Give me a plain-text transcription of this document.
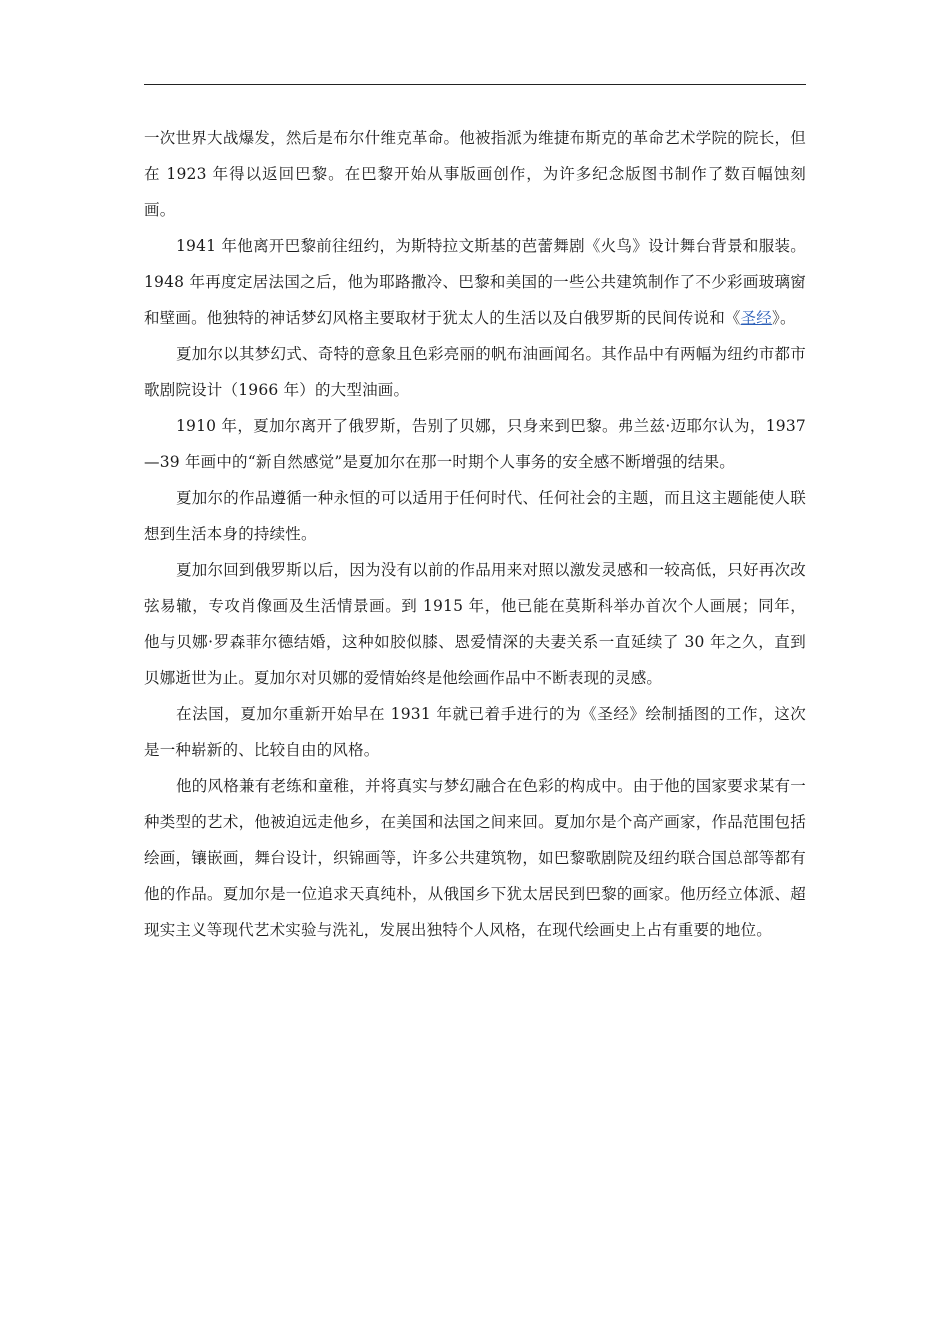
一次世界大战爆发，然后是布尔什维克革命。他被指派为维捷布斯克的革命艺术学院的院长，但在 1923 年得以返回巴黎。在巴黎开始从事版画创作，为许多纪念版图书制作了数百幅蚀刻画。

1941 年他离开巴黎前往纽约，为斯特拉文斯基的芭蕾舞剧《火鸟》设计舞台背景和服装。1948 年再度定居法国之后，他为耶路撒冷、巴黎和美国的一些公共建筑制作了不少彩画玻璃窗和壁画。他独特的神话梦幻风格主要取材于犹太人的生活以及白俄罗斯的民间传说和《圣经》。

夏加尔以其梦幻式、奇特的意象且色彩亮丽的帆布油画闻名。其作品中有两幅为纽约市都市歌剧院设计（1966 年）的大型油画。

1910 年，夏加尔离开了俄罗斯，告别了贝娜，只身来到巴黎。弗兰兹·迈耶尔认为，1937—39 年画中的“新自然感觉”是夏加尔在那一时期个人事务的安全感不断增强的结果。

夏加尔的作品遵循一种永恒的可以适用于任何时代、任何社会的主题，而且这主题能使人联想到生活本身的持续性。

夏加尔回到俄罗斯以后，因为没有以前的作品用来对照以激发灵感和一较高低，只好再次改弦易辙，专攻肖像画及生活情景画。到 1915 年，他已能在莫斯科举办首次个人画展；同年，他与贝娜·罗森菲尔德结婚，这种如胶似膝、恩爱情深的夫妻关系一直延续了 30 年之久，直到贝娜逝世为止。夏加尔对贝娜的爱情始终是他绘画作品中不断表现的灵感。

在法国，夏加尔重新开始早在 1931 年就已着手进行的为《圣经》绘制插图的工作，这次是一种崭新的、比较自由的风格。

他的风格兼有老练和童稚，并将真实与梦幻融合在色彩的构成中。由于他的国家要求某有一种类型的艺术，他被迫远走他乡，在美国和法国之间来回。夏加尔是个高产画家，作品范围包括绘画，镶嵌画，舞台设计，织锦画等，许多公共建筑物，如巴黎歌剧院及纽约联合国总部等都有他的作品。夏加尔是一位追求天真纯朴，从俄国乡下犹太居民到巴黎的画家。他历经立体派、超现实主义等现代艺术实验与洗礼，发展出独特个人风格，在现代绘画史上占有重要的地位。
